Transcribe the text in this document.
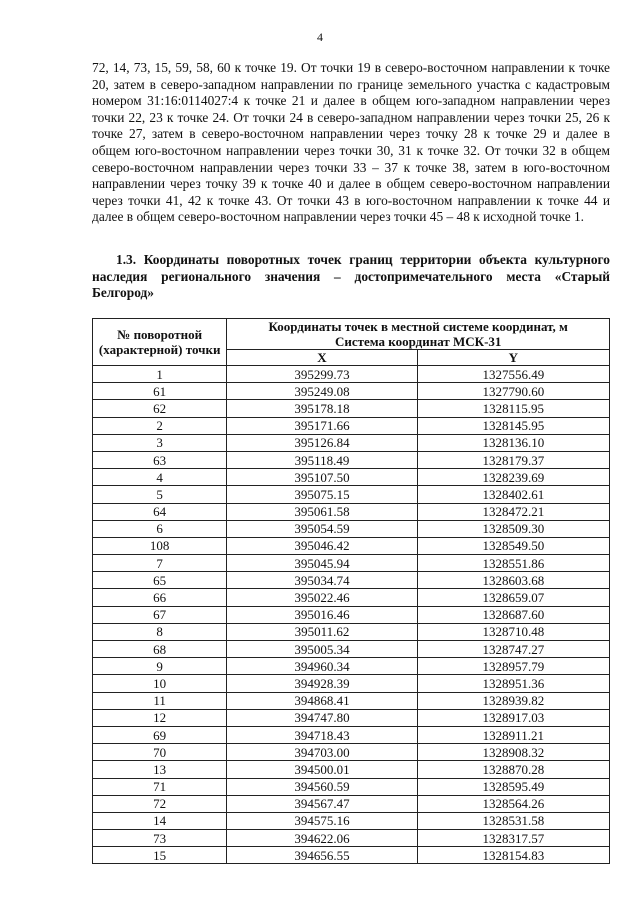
4

72, 14, 73, 15, 59, 58, 60 к точке 19. От точки 19 в северо-восточном направлении к точке 20, затем в северо-западном направлении по границе земельного участка с кадастровым номером 31:16:0114027:4 к точке 21 и далее в общем юго-западном направлении через точки 22, 23 к точке 24. От точки 24 в северо-западном направлении через точки 25, 26 к точке 27, затем в северо-восточном направлении через точку 28 к точке 29 и далее в общем юго-восточном направлении через точки 30, 31 к точке 32. От точки 32 в общем северо-восточном направлении через точки 33 – 37 к точке 38, затем в юго-восточном направлении через точку 39 к точке 40 и далее в общем северо-восточном направлении через точки 41, 42 к точке 43. От точки 43 в юго-восточном направлении к точке 44 и далее в общем северо-восточном направлении через точки 45 – 48 к исходной точке 1.

1.3. Координаты поворотных точек границ территории объекта культурного наследия регионального значения – достопримечательного места «Старый Белгород»

№ поворотной (характерной) точки	Координаты точек в местной системе координат, м
Система координат МСК-31	

	X	Y
1	395299.73	1327556.49
61	395249.08	1327790.60
62	395178.18	1328115.95
2	395171.66	1328145.95
3	395126.84	1328136.10
63	395118.49	1328179.37
4	395107.50	1328239.69
5	395075.15	1328402.61
64	395061.58	1328472.21
6	395054.59	1328509.30
108	395046.42	1328549.50
7	395045.94	1328551.86
65	395034.74	1328603.68
66	395022.46	1328659.07
67	395016.46	1328687.60
8	395011.62	1328710.48
68	395005.34	1328747.27
9	394960.34	1328957.79
10	394928.39	1328951.36
11	394868.41	1328939.82
12	394747.80	1328917.03
69	394718.43	1328911.21
70	394703.00	1328908.32
13	394500.01	1328870.28
71	394560.59	1328595.49
72	394567.47	1328564.26
14	394575.16	1328531.58
73	394622.06	1328317.57
15	394656.55	1328154.83
